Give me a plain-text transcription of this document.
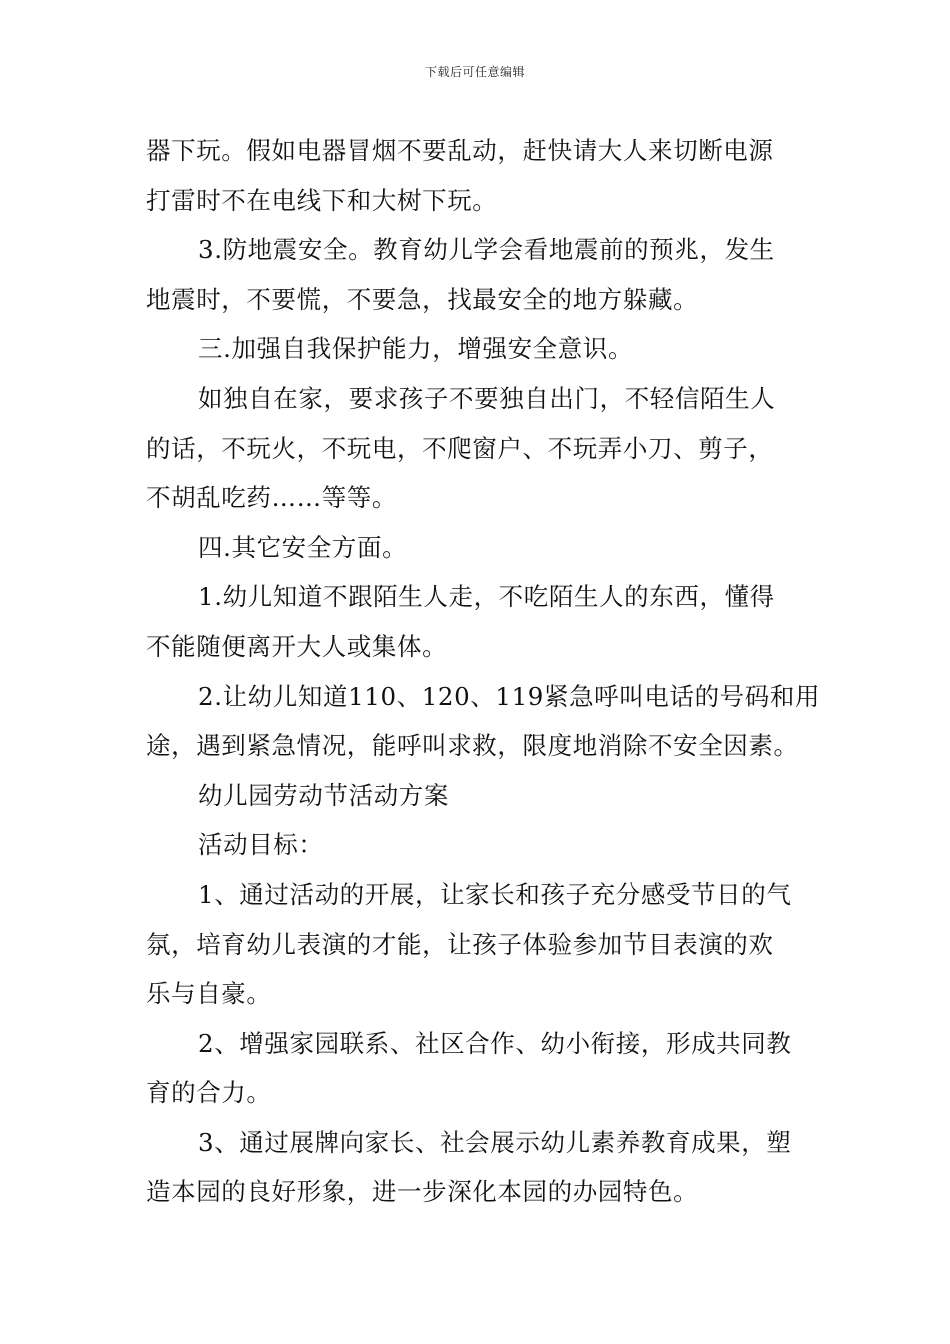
下载后可任意编辑
器下玩。假如电器冒烟不要乱动，赶快请大人来切断电源
打雷时不在电线下和大树下玩。
3.防地震安全。教育幼儿学会看地震前的预兆，发生
地震时，不要慌，不要急，找最安全的地方躲藏。
三.加强自我保护能力，增强安全意识。
如独自在家，要求孩子不要独自出门，不轻信陌生人
的话，不玩火，不玩电，不爬窗户、不玩弄小刀、剪子，
不胡乱吃药……等等。
四.其它安全方面。
1.幼儿知道不跟陌生人走，不吃陌生人的东西，懂得
不能随便离开大人或集体。
2.让幼儿知道110、120、119紧急呼叫电话的号码和用
途，遇到紧急情况，能呼叫求救，限度地消除不安全因素。
幼儿园劳动节活动方案
活动目标：
1、通过活动的开展，让家长和孩子充分感受节日的气
氛，培育幼儿表演的才能，让孩子体验参加节目表演的欢
乐与自豪。
2、增强家园联系、社区合作、幼小衔接，形成共同教
育的合力。
3、通过展牌向家长、社会展示幼儿素养教育成果，塑
造本园的良好形象，进一步深化本园的办园特色。
